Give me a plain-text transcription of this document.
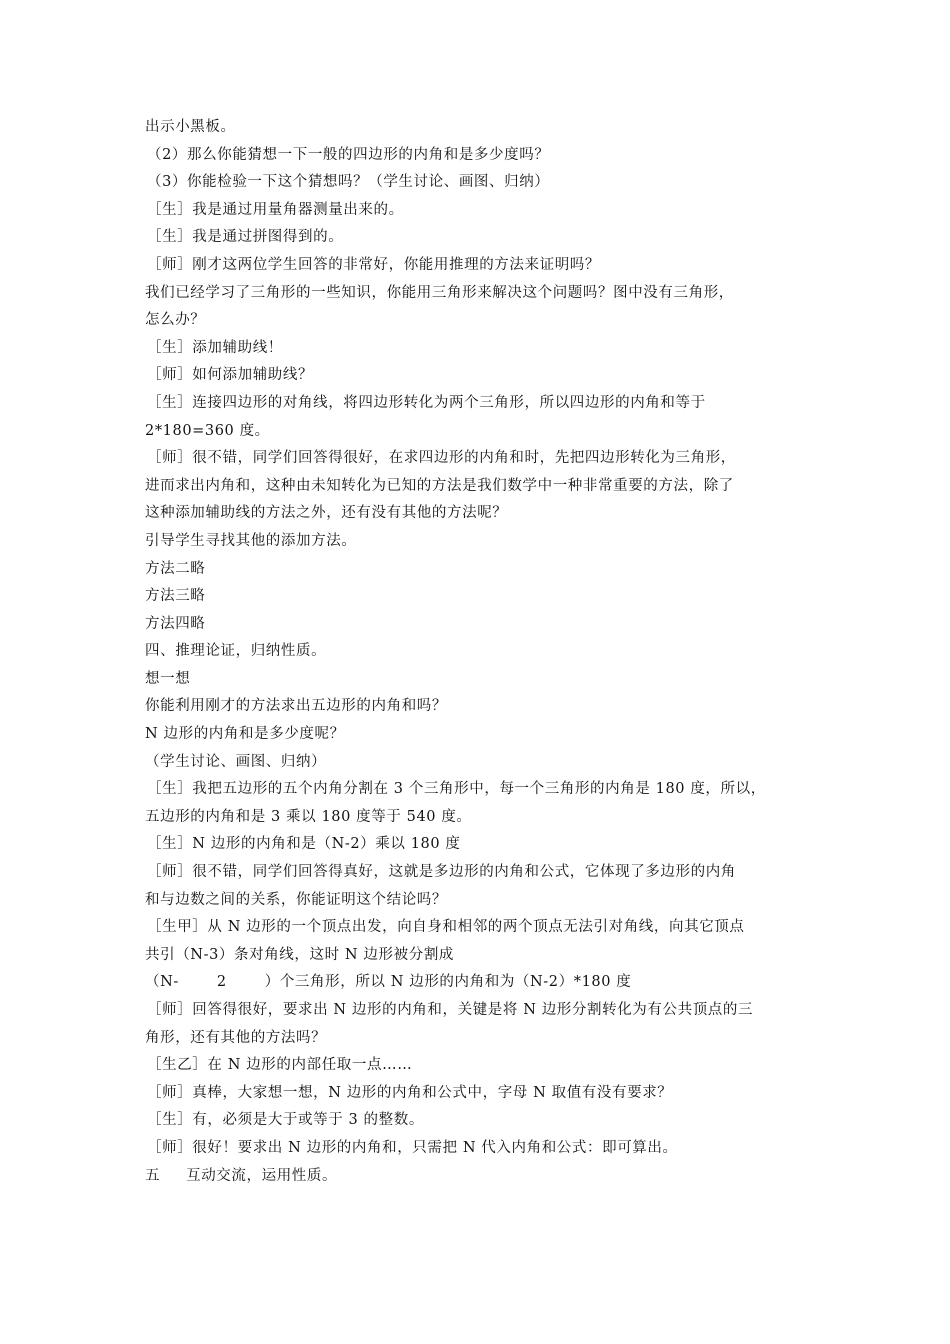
出示小黑板。
（2）那么你能猜想一下一般的四边形的内角和是多少度吗？
（3）你能检验一下这个猜想吗？（学生讨论、画图、归纳）
［生］我是通过用量角器测量出来的。
［生］我是通过拼图得到的。
［师］刚才这两位学生回答的非常好，你能用推理的方法来证明吗？
我们已经学习了三角形的一些知识，你能用三角形来解决这个问题吗？图中没有三角形，
怎么办？
［生］添加辅助线！
［师］如何添加辅助线？
［生］连接四边形的对角线，将四边形转化为两个三角形，所以四边形的内角和等于
2*180=360 度。
［师］很不错，同学们回答得很好，在求四边形的内角和时，先把四边形转化为三角形，
进而求出内角和，这种由未知转化为已知的方法是我们数学中一种非常重要的方法，除了
这种添加辅助线的方法之外，还有没有其他的方法呢？
引导学生寻找其他的添加方法。
方法二略
方法三略
方法四略
四、推理论证，归纳性质。
想一想
你能利用刚才的方法求出五边形的内角和吗？
N 边形的内角和是多少度呢？
（学生讨论、画图、归纳）
［生］我把五边形的五个内角分割在 3 个三角形中，每一个三角形的内角是 180 度，所以，
五边形的内角和是 3 乘以 180 度等于 540 度。
［生］N 边形的内角和是（N-2）乘以 180 度
［师］很不错，同学们回答得真好，这就是多边形的内角和公式，它体现了多边形的内角
和与边数之间的关系，你能证明这个结论吗？
［生甲］从 N 边形的一个顶点出发，向自身和相邻的两个顶点无法引对角线，向其它顶点
共引（N-3）条对角线，这时 N 边形被分割成
（N-	2	）个三角形，所以 N 边形的内角和为（N-2）*180 度
［师］回答得很好，要求出 N 边形的内角和，关键是将 N 边形分割转化为有公共顶点的三
角形，还有其他的方法吗？
［生乙］在 N 边形的内部任取一点……
［师］真棒，大家想一想，N 边形的内角和公式中，字母 N 取值有没有要求？
［生］有，必须是大于或等于 3 的整数。
［师］很好！要求出 N 边形的内角和，只需把 N 代入内角和公式：即可算出。
五 互动交流，运用性质。
